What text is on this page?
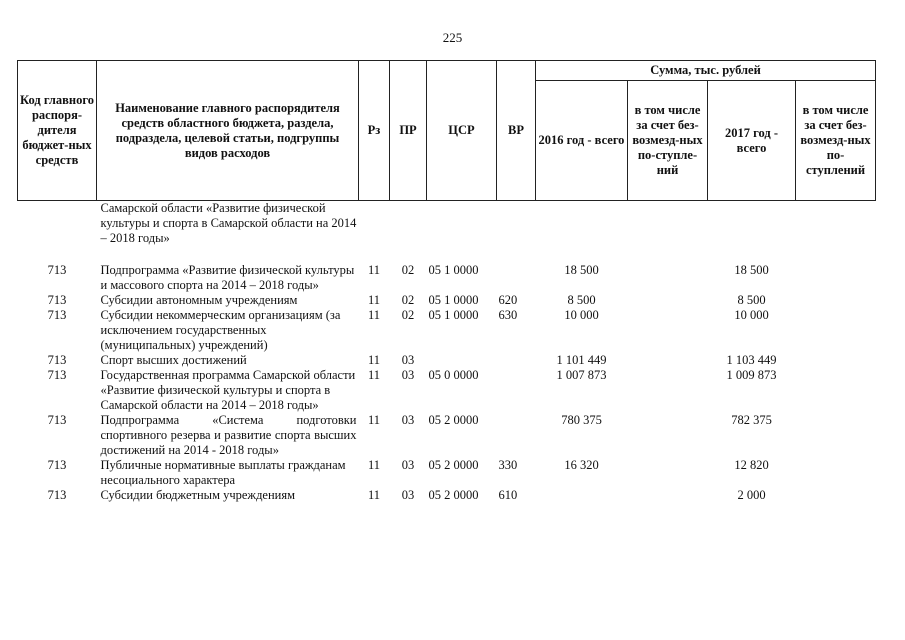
225
Код главного распоря-дителя бюджет-ных средств	Наименование главного распорядителя средств областного бюджета, раздела, подраздела, целевой статьи, подгруппы видов расходов	Рз	ПР	ЦСР	ВР	Сумма, тыс. рублей			
						2016 год - всего	в том числе за счет без-возмезд-ных по-ступле-ний	2017 год - всего	в том числе за счет без-возмезд-ных по-ступлений
	Самарской области «Развитие физической культуры и спорта в Самарской области на 2014 – 2018 годы»								
713	Подпрограмма «Развитие физической культуры и массового спорта на 2014 – 2018 годы»	11	02	05 1 0000		18 500		18 500	
713	Субсидии автономным учреждениям	11	02	05 1 0000	620	8 500		8 500	
713	Субсидии некоммерческим организациям (за исключением государственных (муниципальных) учреждений)	11	02	05 1 0000	630	10 000		10 000	
713	Спорт высших достижений	11	03			1 101 449		1 103 449	
713	Государственная программа Самарской области «Развитие физической культуры и спорта в Самарской области на 2014 – 2018 годы»	11	03	05 0 0000		1 007 873		1 009 873	
713	Подпрограмма «Система подготовки спортивного резерва и развитие спорта высших достижений на 2014 - 2018 годы»	11	03	05 2 0000		780 375		782 375	
713	Публичные нормативные выплаты гражданам несоциального характера	11	03	05 2 0000	330	16 320		12 820	
713	Субсидии бюджетным учреждениям	11	03	05 2 0000	610			2 000	
